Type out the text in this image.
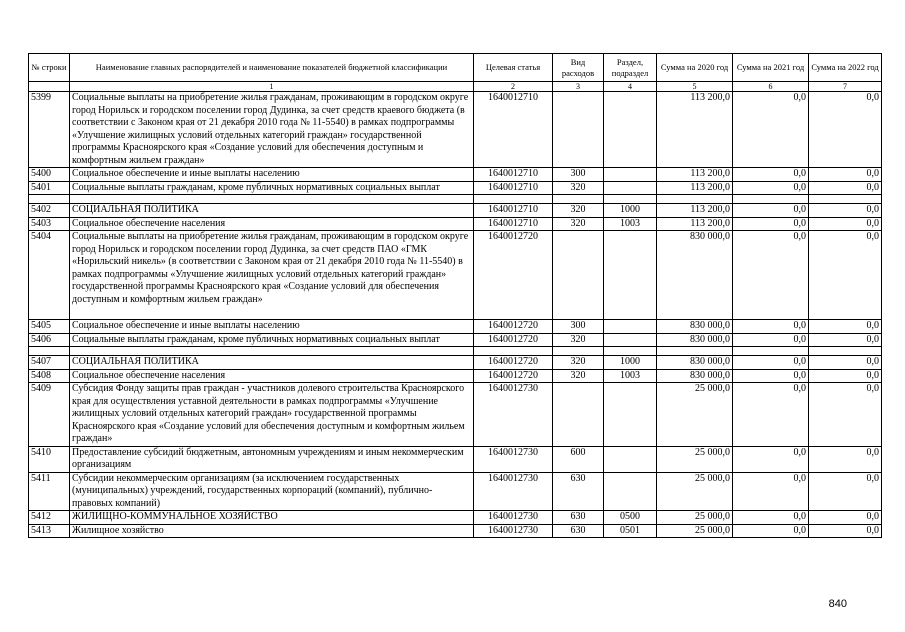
№ строки	Наименование главных распорядителей и наименование показателей бюджетной классификации	Целевая статья	Вид расходов	Раздел, подраздел	Сумма на 2020 год	Сумма на 2021 год	Сумма на 2022 год
	1	2	3	4	5	6	7
5399	Социальные выплаты на приобретение жилья гражданам, проживающим в городском округе город Норильск и городском поселении город Дудинка, за счет средств краевого бюджета (в соответствии с Законом края от 21 декабря 2010 года № 11-5540) в рамках подпрограммы «Улучшение жилищных условий отдельных категорий граждан» государственной программы Красноярского края «Создание условий для обеспечения доступным и комфортным жильем граждан»	1640012710			113 200,0	0,0	0,0
5400	Социальное обеспечение и иные выплаты населению	1640012710	300		113 200,0	0,0	0,0
5401	Социальные выплаты гражданам, кроме публичных нормативных социальных выплат	1640012710	320		113 200,0	0,0	0,0

5402	СОЦИАЛЬНАЯ ПОЛИТИКА	1640012710	320	1000	113 200,0	0,0	0,0
5403	Социальное обеспечение населения	1640012710	320	1003	113 200,0	0,0	0,0
5404	Социальные выплаты на приобретение жилья гражданам, проживающим в городском округе город Норильск и городском поселении город Дудинка, за счет средств ПАО «ГМК «Норильский никель» (в соответствии с Законом края от 21 декабря 2010 года № 11-5540) в рамках подпрограммы «Улучшение жилищных условий отдельных категорий граждан» государственной программы Красноярского края «Создание условий для обеспечения доступным и комфортным жильем граждан»	1640012720			830 000,0	0,0	0,0
5405	Социальное обеспечение и иные выплаты населению	1640012720	300		830 000,0	0,0	0,0
5406	Социальные выплаты гражданам, кроме публичных нормативных социальных выплат	1640012720	320		830 000,0	0,0	0,0

5407	СОЦИАЛЬНАЯ ПОЛИТИКА	1640012720	320	1000	830 000,0	0,0	0,0
5408	Социальное обеспечение населения	1640012720	320	1003	830 000,0	0,0	0,0
5409	Субсидия Фонду защиты прав граждан - участников долевого строительства Красноярского края для осуществления уставной деятельности в рамках подпрограммы «Улучшение жилищных условий отдельных категорий граждан» государственной программы Красноярского края «Создание условий для обеспечения доступным и комфортным жильем граждан»	1640012730			25 000,0	0,0	0,0
5410	Предоставление субсидий бюджетным, автономным учреждениям и иным некоммерческим организациям	1640012730	600		25 000,0	0,0	0,0
5411	Субсидии некоммерческим организациям (за исключением государственных (муниципальных) учреждений, государственных корпораций (компаний), публично-правовых компаний)	1640012730	630		25 000,0	0,0	0,0
5412	ЖИЛИЩНО-КОММУНАЛЬНОЕ ХОЗЯЙСТВО	1640012730	630	0500	25 000,0	0,0	0,0
5413	Жилищное хозяйство	1640012730	630	0501	25 000,0	0,0	0,0
840
